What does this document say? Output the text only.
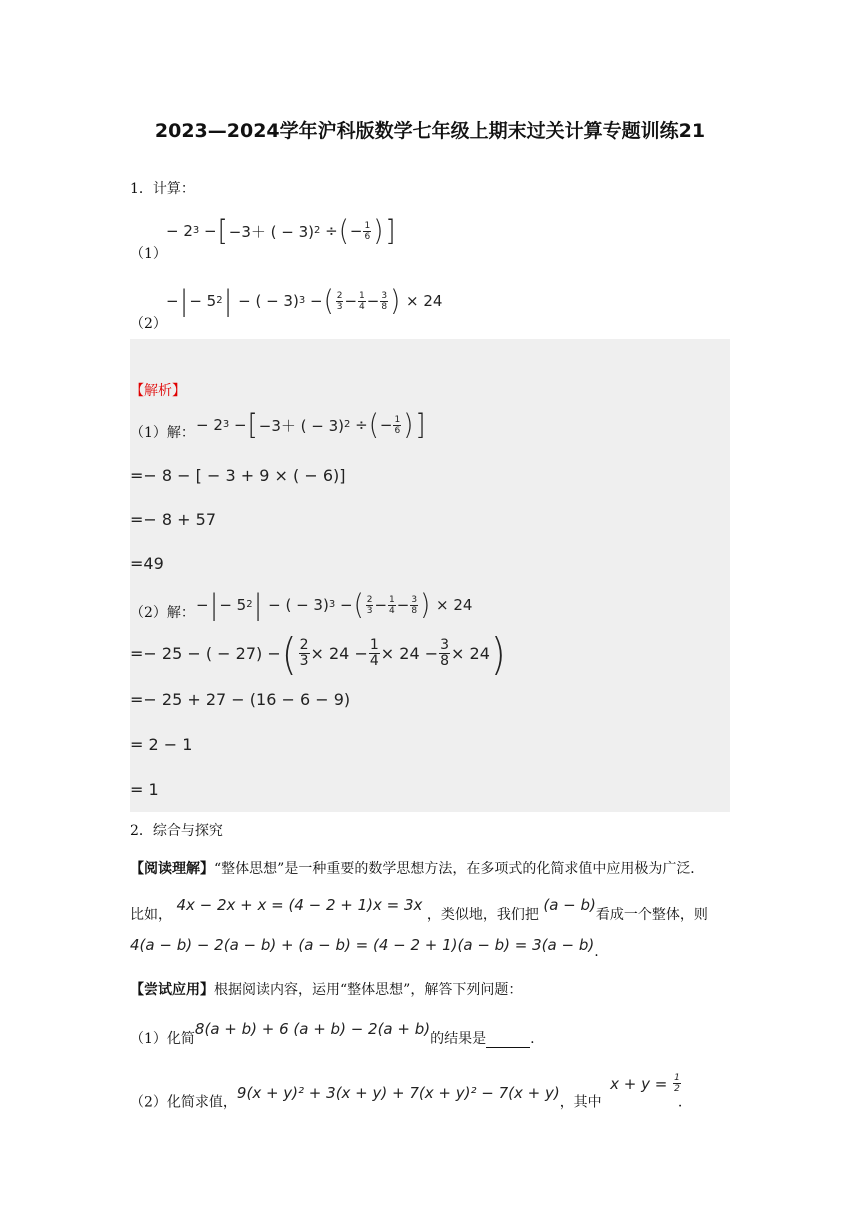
2023—2024学年沪科版数学七年级上期末过关计算专题训练21
1．计算：
（1）
− 2 3 − [ −3＋ ( − 3) 2 ÷ ( − $\frac{1}{6}$ ) ]
（2）
− | − 5 2 | − ( − 3) 3 − ( $\frac{2}{3} - \frac{1}{4} - \frac{3}{8}$ ) × 24
【解析】
（1）解： − 2 3 − [ −3＋ ( − 3) 2 ÷ ( − $\frac{1}{6}$ ) ]
=− 8 − [ − 3 + 9 × ( − 6)]
=− 8 + 57
=49
（2）解： − | − 5 2 | − ( − 3) 3 − ( $\frac{2}{3} - \frac{1}{4} - \frac{3}{8}$ ) × 24
=− 25 − ( − 27) − ( $\frac{2}{3} \times 24 - \frac{1}{4} \times 24 - \frac{3}{8} \times 24$ )
=− 25 + 27 − (16 − 6 − 9)
= 2 − 1
= 1
2．综合与探究
【阅读理解】“整体思想”是一种重要的数学思想方法，在多项式的化简求值中应用极为广泛．
比如， 4x − 2x + x = (4 − 2 + 1)x = 3x ，类似地，我们把 (a − b)看成一个整体，则
4(a − b) − 2(a − b) + (a − b) = (4 − 2 + 1)(a − b) = 3(a − b).
【尝试应用】根据阅读内容，运用“整体思想”，解答下列问题：
（1）化简8(a + b) + 6 (a + b) − 2(a + b)的结果是	.
（2）化简求值，9(x + y)² + 3(x + y) + 7(x + y)² − 7(x + y)，其中
x + y =
$\frac{1}{2}$
.
